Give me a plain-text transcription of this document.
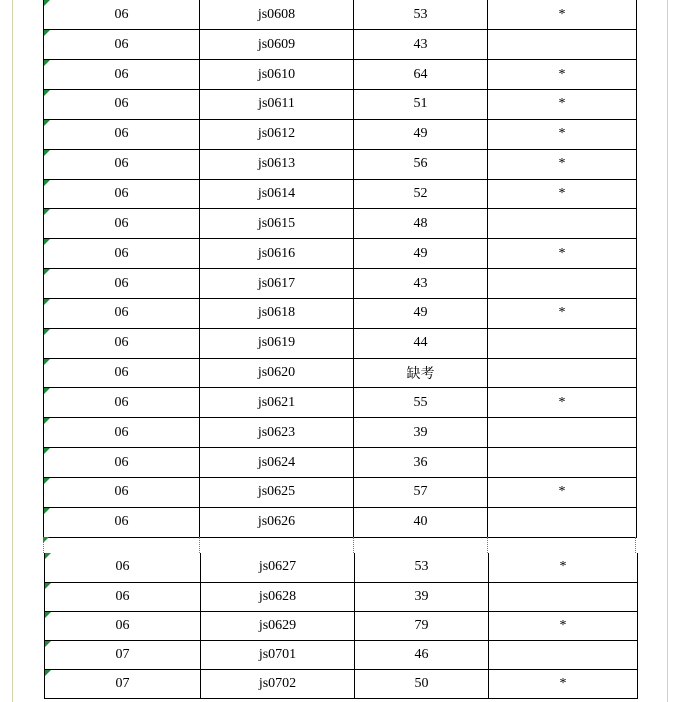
06	js0608	53	*
06	js0609	43	
06	js0610	64	*
06	js0611	51	*
06	js0612	49	*
06	js0613	56	*
06	js0614	52	*
06	js0615	48	
06	js0616	49	*
06	js0617	43	
06	js0618	49	*
06	js0619	44	
06	js0620	缺考	
06	js0621	55	*
06	js0623	39	
06	js0624	36	
06	js0625	57	*
06	js0626	40	
06	js0627	53	*
06	js0628	39	
06	js0629	79	*
07	js0701	46	
07	js0702	50	*
